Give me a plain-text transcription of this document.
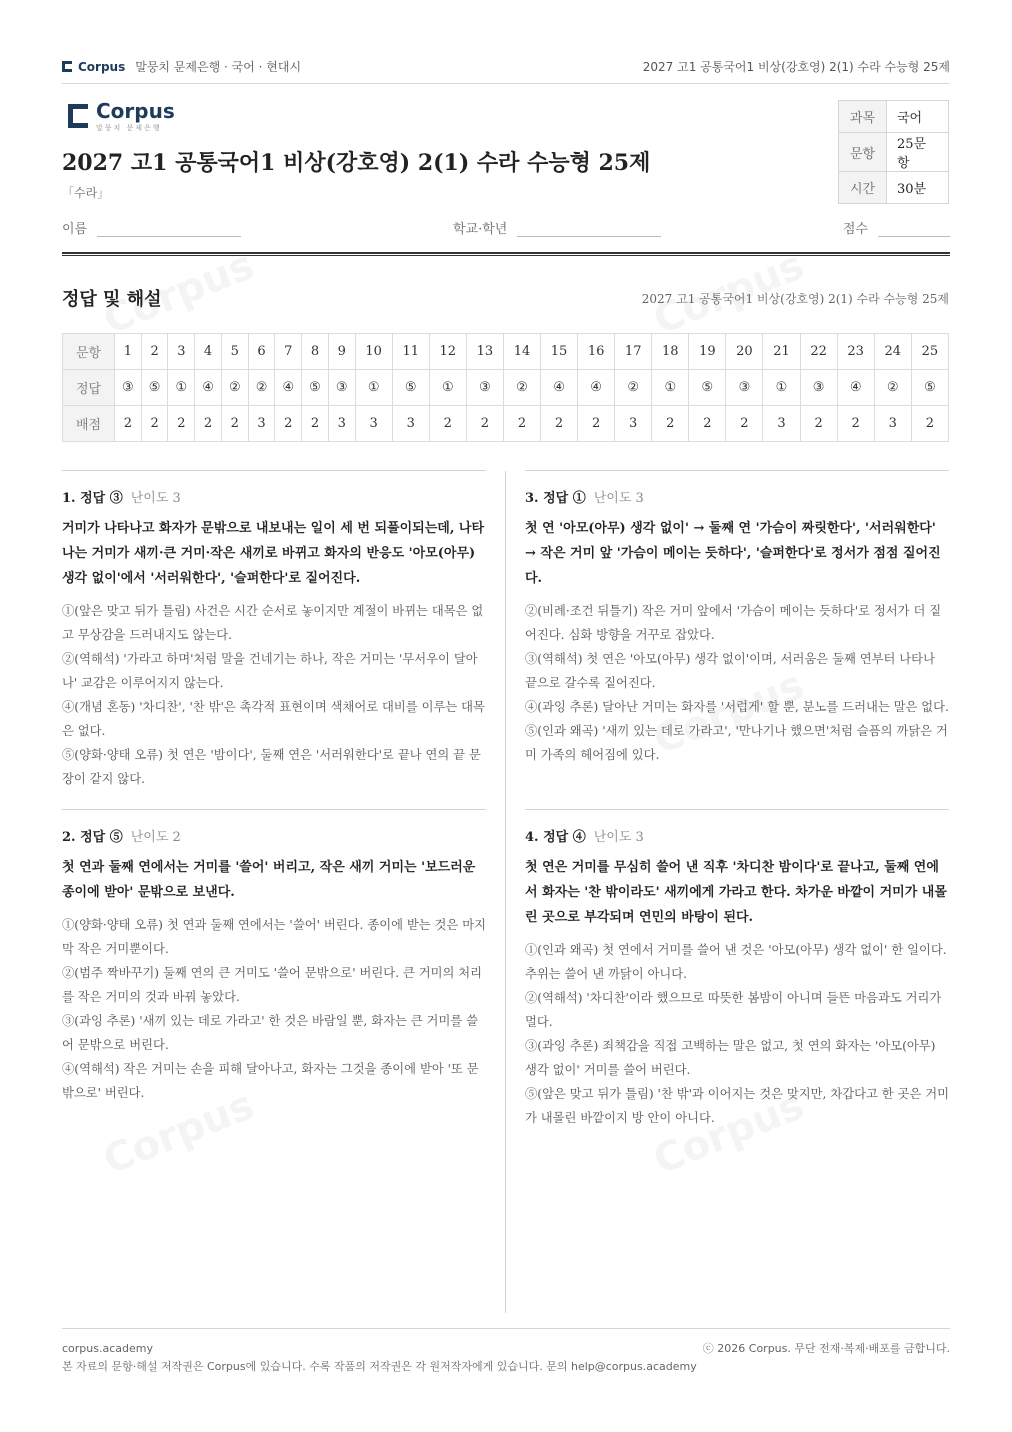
Corpus 말뭉치 문제은행 · 국어 · 현대시	2027 고1 공통국어1 비상(강호영) 2(1) 수라 수능형 25제
Corpus
말뭉치 문제은행
과목	국어
문항	25문항
시간	30분
2027 고1 공통국어1 비상(강호영) 2(1) 수라 수능형 25제
「수라」
이름	학교·학년	점수
정답 및 해설	2027 고1 공통국어1 비상(강호영) 2(1) 수라 수능형 25제
문항	1	2	3	4	5	6	7	8	9	10	11	12	13	14	15	16	17	18	19	20	21	22	23	24	25
정답	③	⑤	①	④	②	②	④	⑤	③	①	⑤	①	③	②	④	④	②	①	⑤	③	①	③	④	②	⑤
배점	2	2	2	2	2	3	2	2	3	3	3	2	2	2	2	2	3	2	2	2	3	2	2	3	2
1. 정답 ③ 난이도 3
거미가 나타나고 화자가 문밖으로 내보내는 일이 세 번 되풀이되는데, 나타나는 거미가 새끼·큰 거미·작은 새끼로 바뀌고 화자의 반응도 '아모(아무) 생각 없이'에서 '서러워한다', '슬퍼한다'로 짙어진다.
①(앞은 맞고 뒤가 틀림) 사건은 시간 순서로 놓이지만 계절이 바뀌는 대목은 없고 무상감을 드러내지도 않는다.
②(역해석) '가라고 하며'처럼 말을 건네기는 하나, 작은 거미는 '무서우이 달아나' 교감은 이루어지지 않는다.
④(개념 혼동) '차디찬', '찬 밖'은 촉각적 표현이며 색채어로 대비를 이루는 대목은 없다.
⑤(양화·양태 오류) 첫 연은 '밤이다', 둘째 연은 '서러워한다'로 끝나 연의 끝 문장이 같지 않다.
3. 정답 ① 난이도 3
첫 연 '아모(아무) 생각 없이' → 둘째 연 '가슴이 짜릿한다', '서러워한다' → 작은 거미 앞 '가슴이 메이는 듯하다', '슬퍼한다'로 정서가 점점 짙어진다.
②(비례·조건 뒤틀기) 작은 거미 앞에서 '가슴이 메이는 듯하다'로 정서가 더 짙어진다. 심화 방향을 거꾸로 잡았다.
③(역해석) 첫 연은 '아모(아무) 생각 없이'이며, 서러움은 둘째 연부터 나타나 끝으로 갈수록 짙어진다.
④(과잉 추론) 달아난 거미는 화자를 '서럽게' 할 뿐, 분노를 드러내는 말은 없다.
⑤(인과 왜곡) '새끼 있는 데로 가라고', '만나기나 했으면'처럼 슬픔의 까닭은 거미 가족의 헤어짐에 있다.
2. 정답 ⑤ 난이도 2
첫 연과 둘째 연에서는 거미를 '쓸어' 버리고, 작은 새끼 거미는 '보드러운 종이에 받아' 문밖으로 보낸다.
①(양화·양태 오류) 첫 연과 둘째 연에서는 '쓸어' 버린다. 종이에 받는 것은 마지막 작은 거미뿐이다.
②(범주 짝바꾸기) 둘째 연의 큰 거미도 '쓸어 문밖으로' 버린다. 큰 거미의 처리를 작은 거미의 것과 바꿔 놓았다.
③(과잉 추론) '새끼 있는 데로 가라고' 한 것은 바람일 뿐, 화자는 큰 거미를 쓸어 문밖으로 버린다.
④(역해석) 작은 거미는 손을 피해 달아나고, 화자는 그것을 종이에 받아 '또 문밖으로' 버린다.
4. 정답 ④ 난이도 3
첫 연은 거미를 무심히 쓸어 낸 직후 '차디찬 밤이다'로 끝나고, 둘째 연에서 화자는 '찬 밖이라도' 새끼에게 가라고 한다. 차가운 바깥이 거미가 내몰린 곳으로 부각되며 연민의 바탕이 된다.
①(인과 왜곡) 첫 연에서 거미를 쓸어 낸 것은 '아모(아무) 생각 없이' 한 일이다. 추위는 쓸어 낸 까닭이 아니다.
②(역해석) '차디찬'이라 했으므로 따뜻한 봄밤이 아니며 들뜬 마음과도 거리가 멀다.
③(과잉 추론) 죄책감을 직접 고백하는 말은 없고, 첫 연의 화자는 '아모(아무) 생각 없이' 거미를 쓸어 버린다.
⑤(앞은 맞고 뒤가 틀림) '찬 밖'과 이어지는 것은 맞지만, 차갑다고 한 곳은 거미가 내몰린 바깥이지 방 안이 아니다.
corpus.academy
본 자료의 문항·해설 저작권은 Corpus에 있습니다. 수록 작품의 저작권은 각 원저작자에게 있습니다. 문의 help@corpus.academy
ⓒ 2026 Corpus. 무단 전재·복제·배포를 금합니다.
